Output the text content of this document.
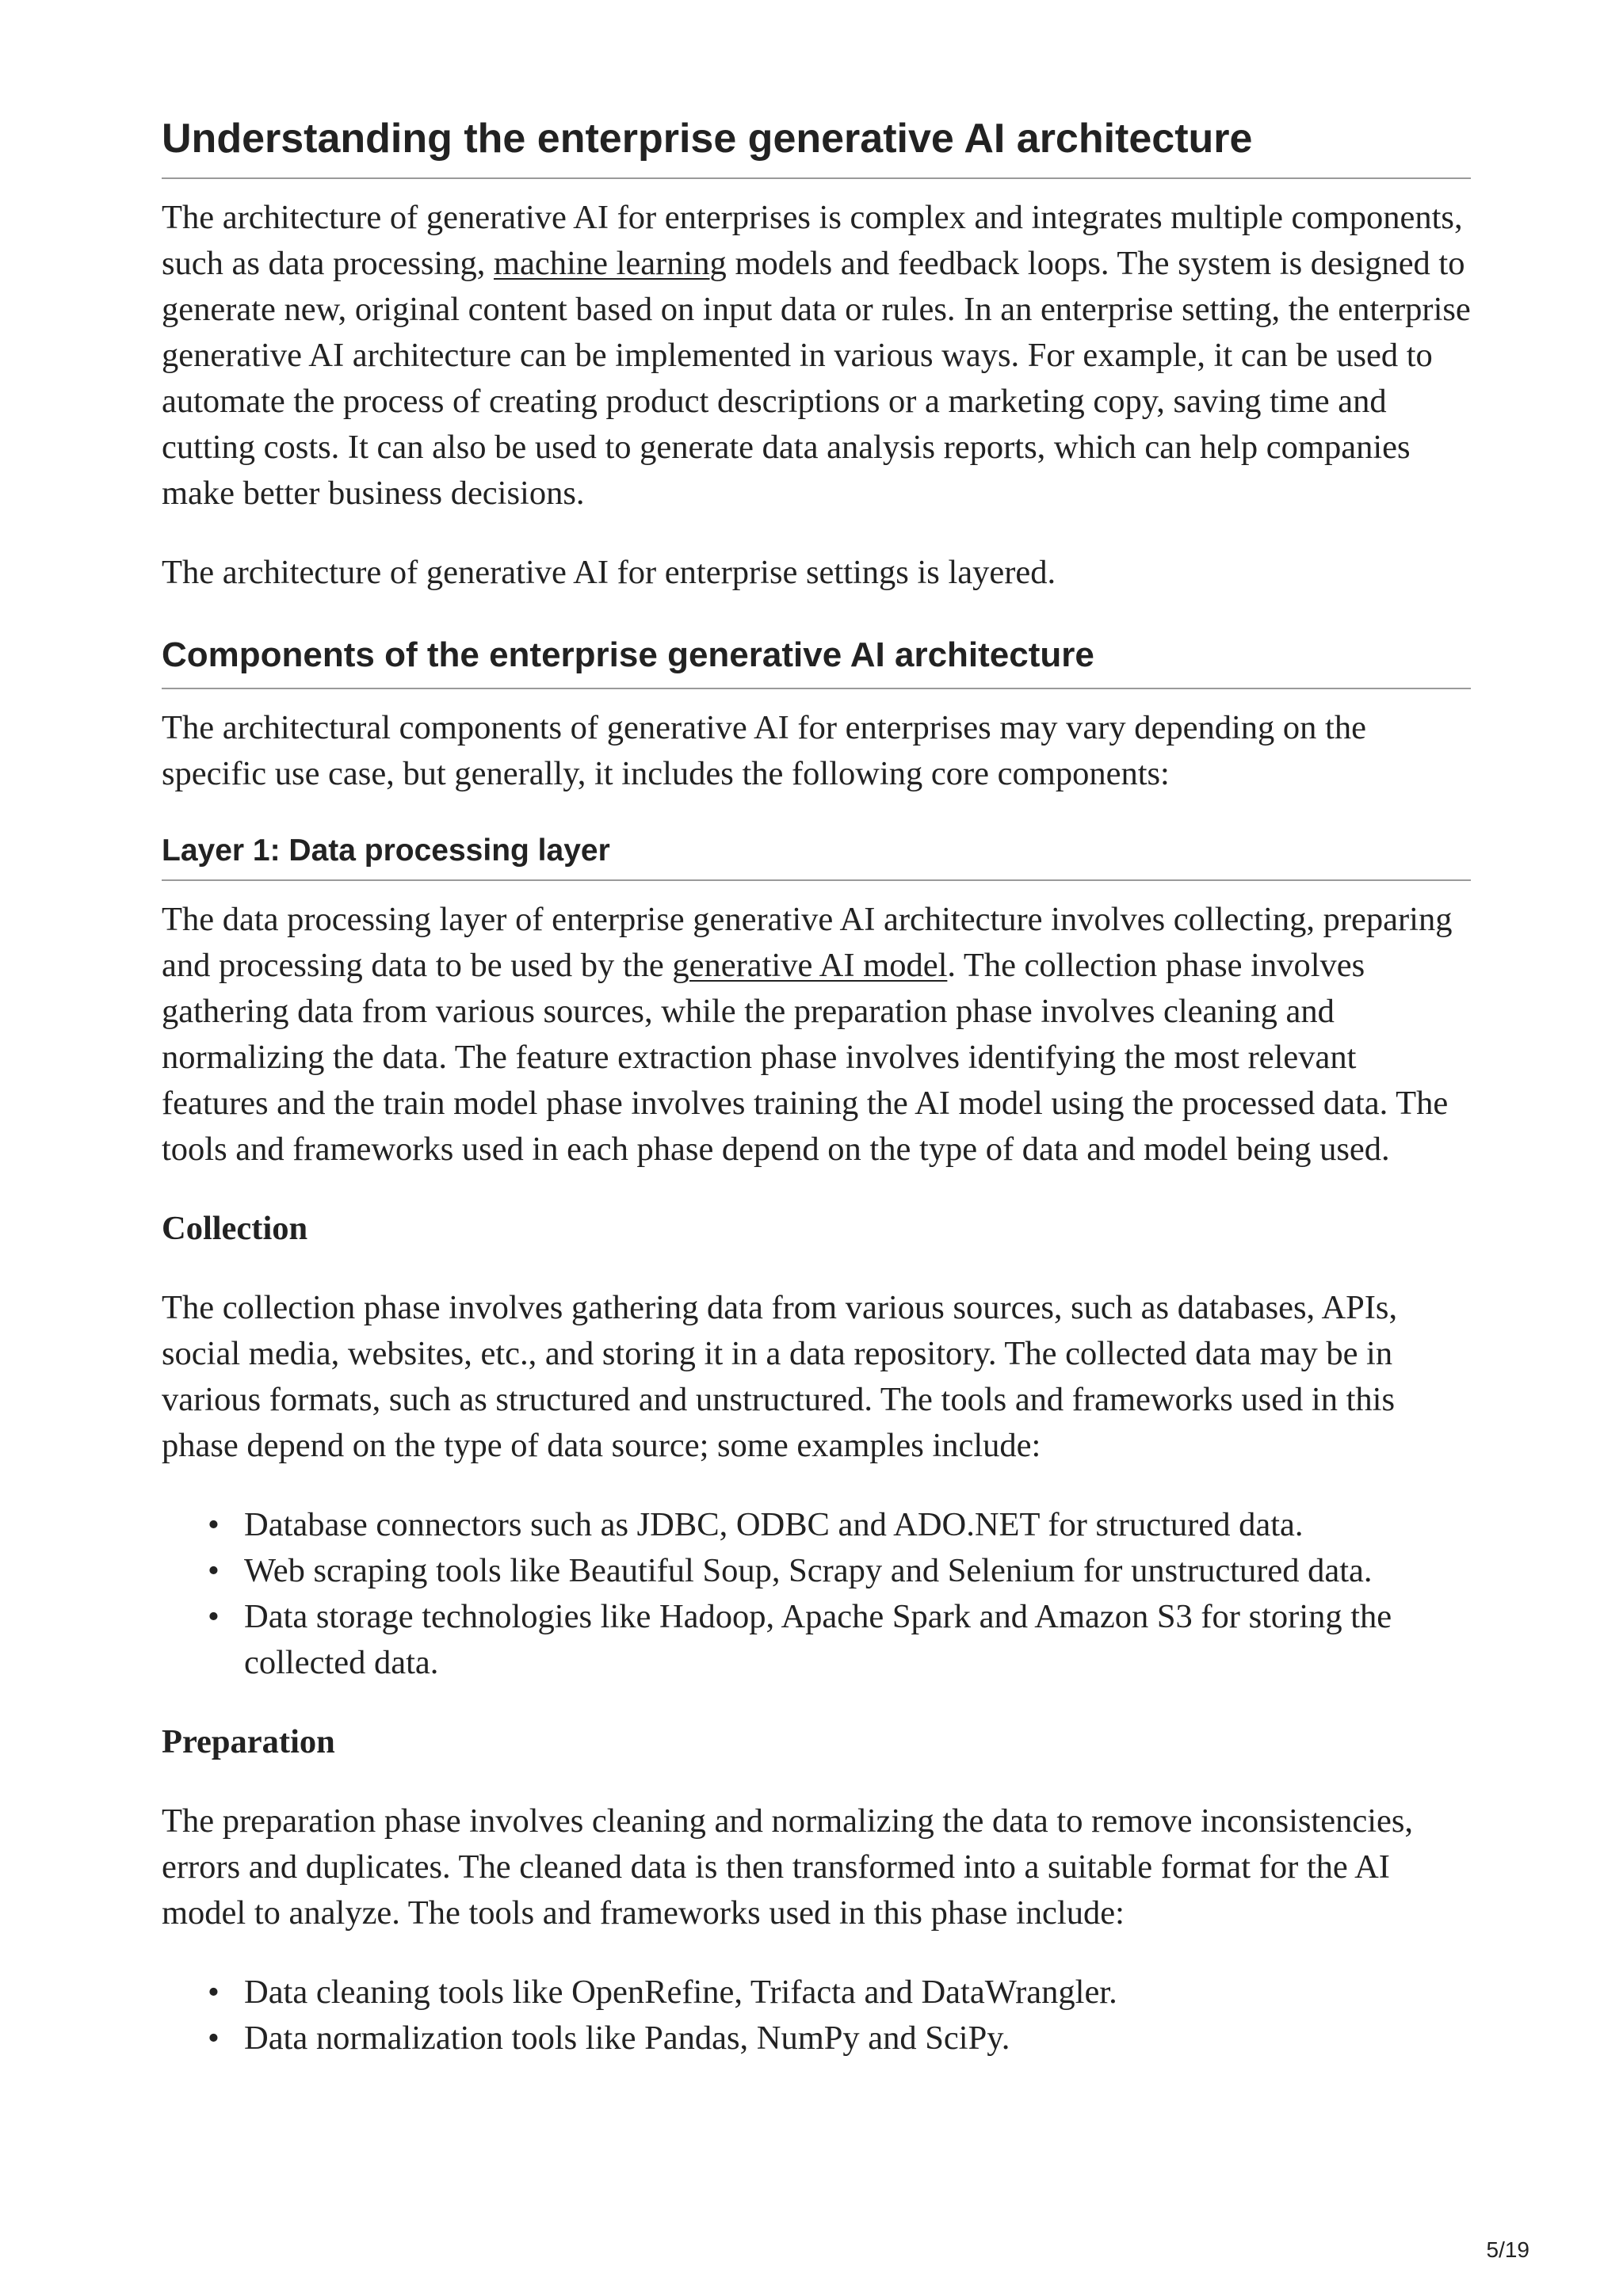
Understanding the enterprise generative AI architecture

The architecture of generative AI for enterprises is complex and integrates multiple components, such as data processing, machine learning models and feedback loops. The system is designed to generate new, original content based on input data or rules. In an enterprise setting, the enterprise generative AI architecture can be implemented in various ways. For example, it can be used to automate the process of creating product descriptions or a marketing copy, saving time and cutting costs. It can also be used to generate data analysis reports, which can help companies make better business decisions.

The architecture of generative AI for enterprise settings is layered.

Components of the enterprise generative AI architecture

The architectural components of generative AI for enterprises may vary depending on the specific use case, but generally, it includes the following core components:

Layer 1: Data processing layer

The data processing layer of enterprise generative AI architecture involves collecting, preparing and processing data to be used by the generative AI model. The collection phase involves gathering data from various sources, while the preparation phase involves cleaning and normalizing the data. The feature extraction phase involves identifying the most relevant features and the train model phase involves training the AI model using the processed data. The tools and frameworks used in each phase depend on the type of data and model being used.

Collection

The collection phase involves gathering data from various sources, such as databases, APIs, social media, websites, etc., and storing it in a data repository. The collected data may be in various formats, such as structured and unstructured. The tools and frameworks used in this phase depend on the type of data source; some examples include:

• Database connectors such as JDBC, ODBC and ADO.NET for structured data.
• Web scraping tools like Beautiful Soup, Scrapy and Selenium for unstructured data.
• Data storage technologies like Hadoop, Apache Spark and Amazon S3 for storing the collected data.
Preparation

The preparation phase involves cleaning and normalizing the data to remove inconsistencies, errors and duplicates. The cleaned data is then transformed into a suitable format for the AI model to analyze. The tools and frameworks used in this phase include:

• Data cleaning tools like OpenRefine, Trifacta and DataWrangler.
• Data normalization tools like Pandas, NumPy and SciPy.
5/19
